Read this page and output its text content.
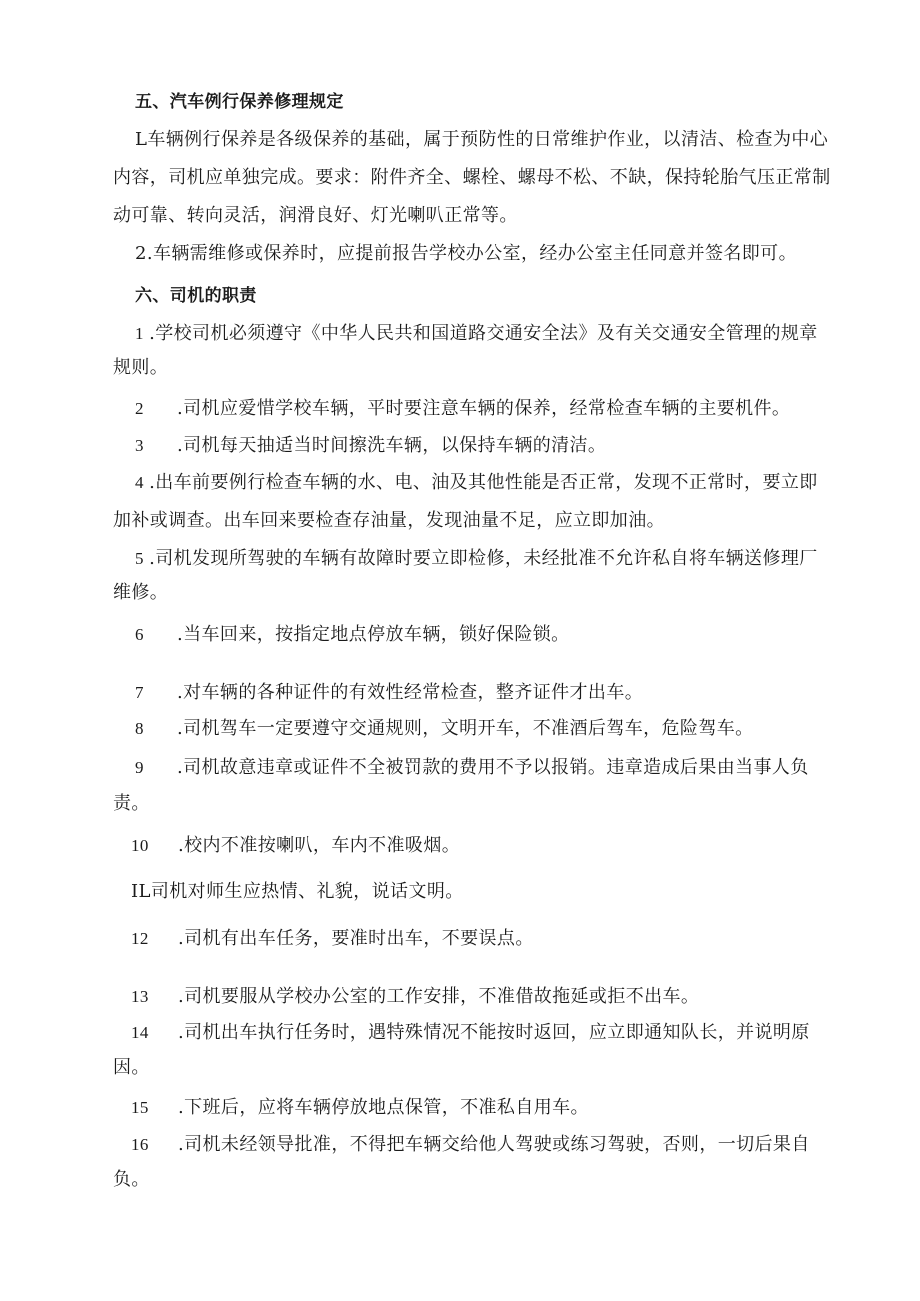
五、汽车例行保养修理规定
L车辆例行保养是各级保养的基础，属于预防性的日常维护作业，以清洁、检查为中心
内容，司机应单独完成。要求：附件齐全、螺栓、螺母不松、不缺，保持轮胎气压正常制
动可靠、转向灵活，润滑良好、灯光喇叭正常等。
2.车辆需维修或保养时，应提前报告学校办公室，经办公室主任同意并签名即可。
六、司机的职责
1 .学校司机必须遵守《中华人民共和国道路交通安全法》及有关交通安全管理的规章
规则。
2 .司机应爱惜学校车辆，平时要注意车辆的保养，经常检查车辆的主要机件。
3 .司机每天抽适当时间擦洗车辆，以保持车辆的清洁。
4 .出车前要例行检查车辆的水、电、油及其他性能是否正常，发现不正常时，要立即
加补或调查。出车回来要检查存油量，发现油量不足，应立即加油。
5 .司机发现所驾驶的车辆有故障时要立即检修，未经批准不允许私自将车辆送修理厂
维修。
6 .当车回来，按指定地点停放车辆，锁好保险锁。
7 .对车辆的各种证件的有效性经常检查，整齐证件才出车。
8 .司机驾车一定要遵守交通规则，文明开车，不准酒后驾车，危险驾车。
9 .司机故意违章或证件不全被罚款的费用不予以报销。违章造成后果由当事人负
责。
10 .校内不准按喇叭，车内不准吸烟。
IL司机对师生应热情、礼貌，说话文明。
12 .司机有出车任务，要准时出车，不要误点。
13 .司机要服从学校办公室的工作安排，不准借故拖延或拒不出车。
14 .司机出车执行任务时，遇特殊情况不能按时返回，应立即通知队长，并说明原
因。
15 .下班后，应将车辆停放地点保管，不准私自用车。
16 .司机未经领导批准，不得把车辆交给他人驾驶或练习驾驶，否则，一切后果自
负。
